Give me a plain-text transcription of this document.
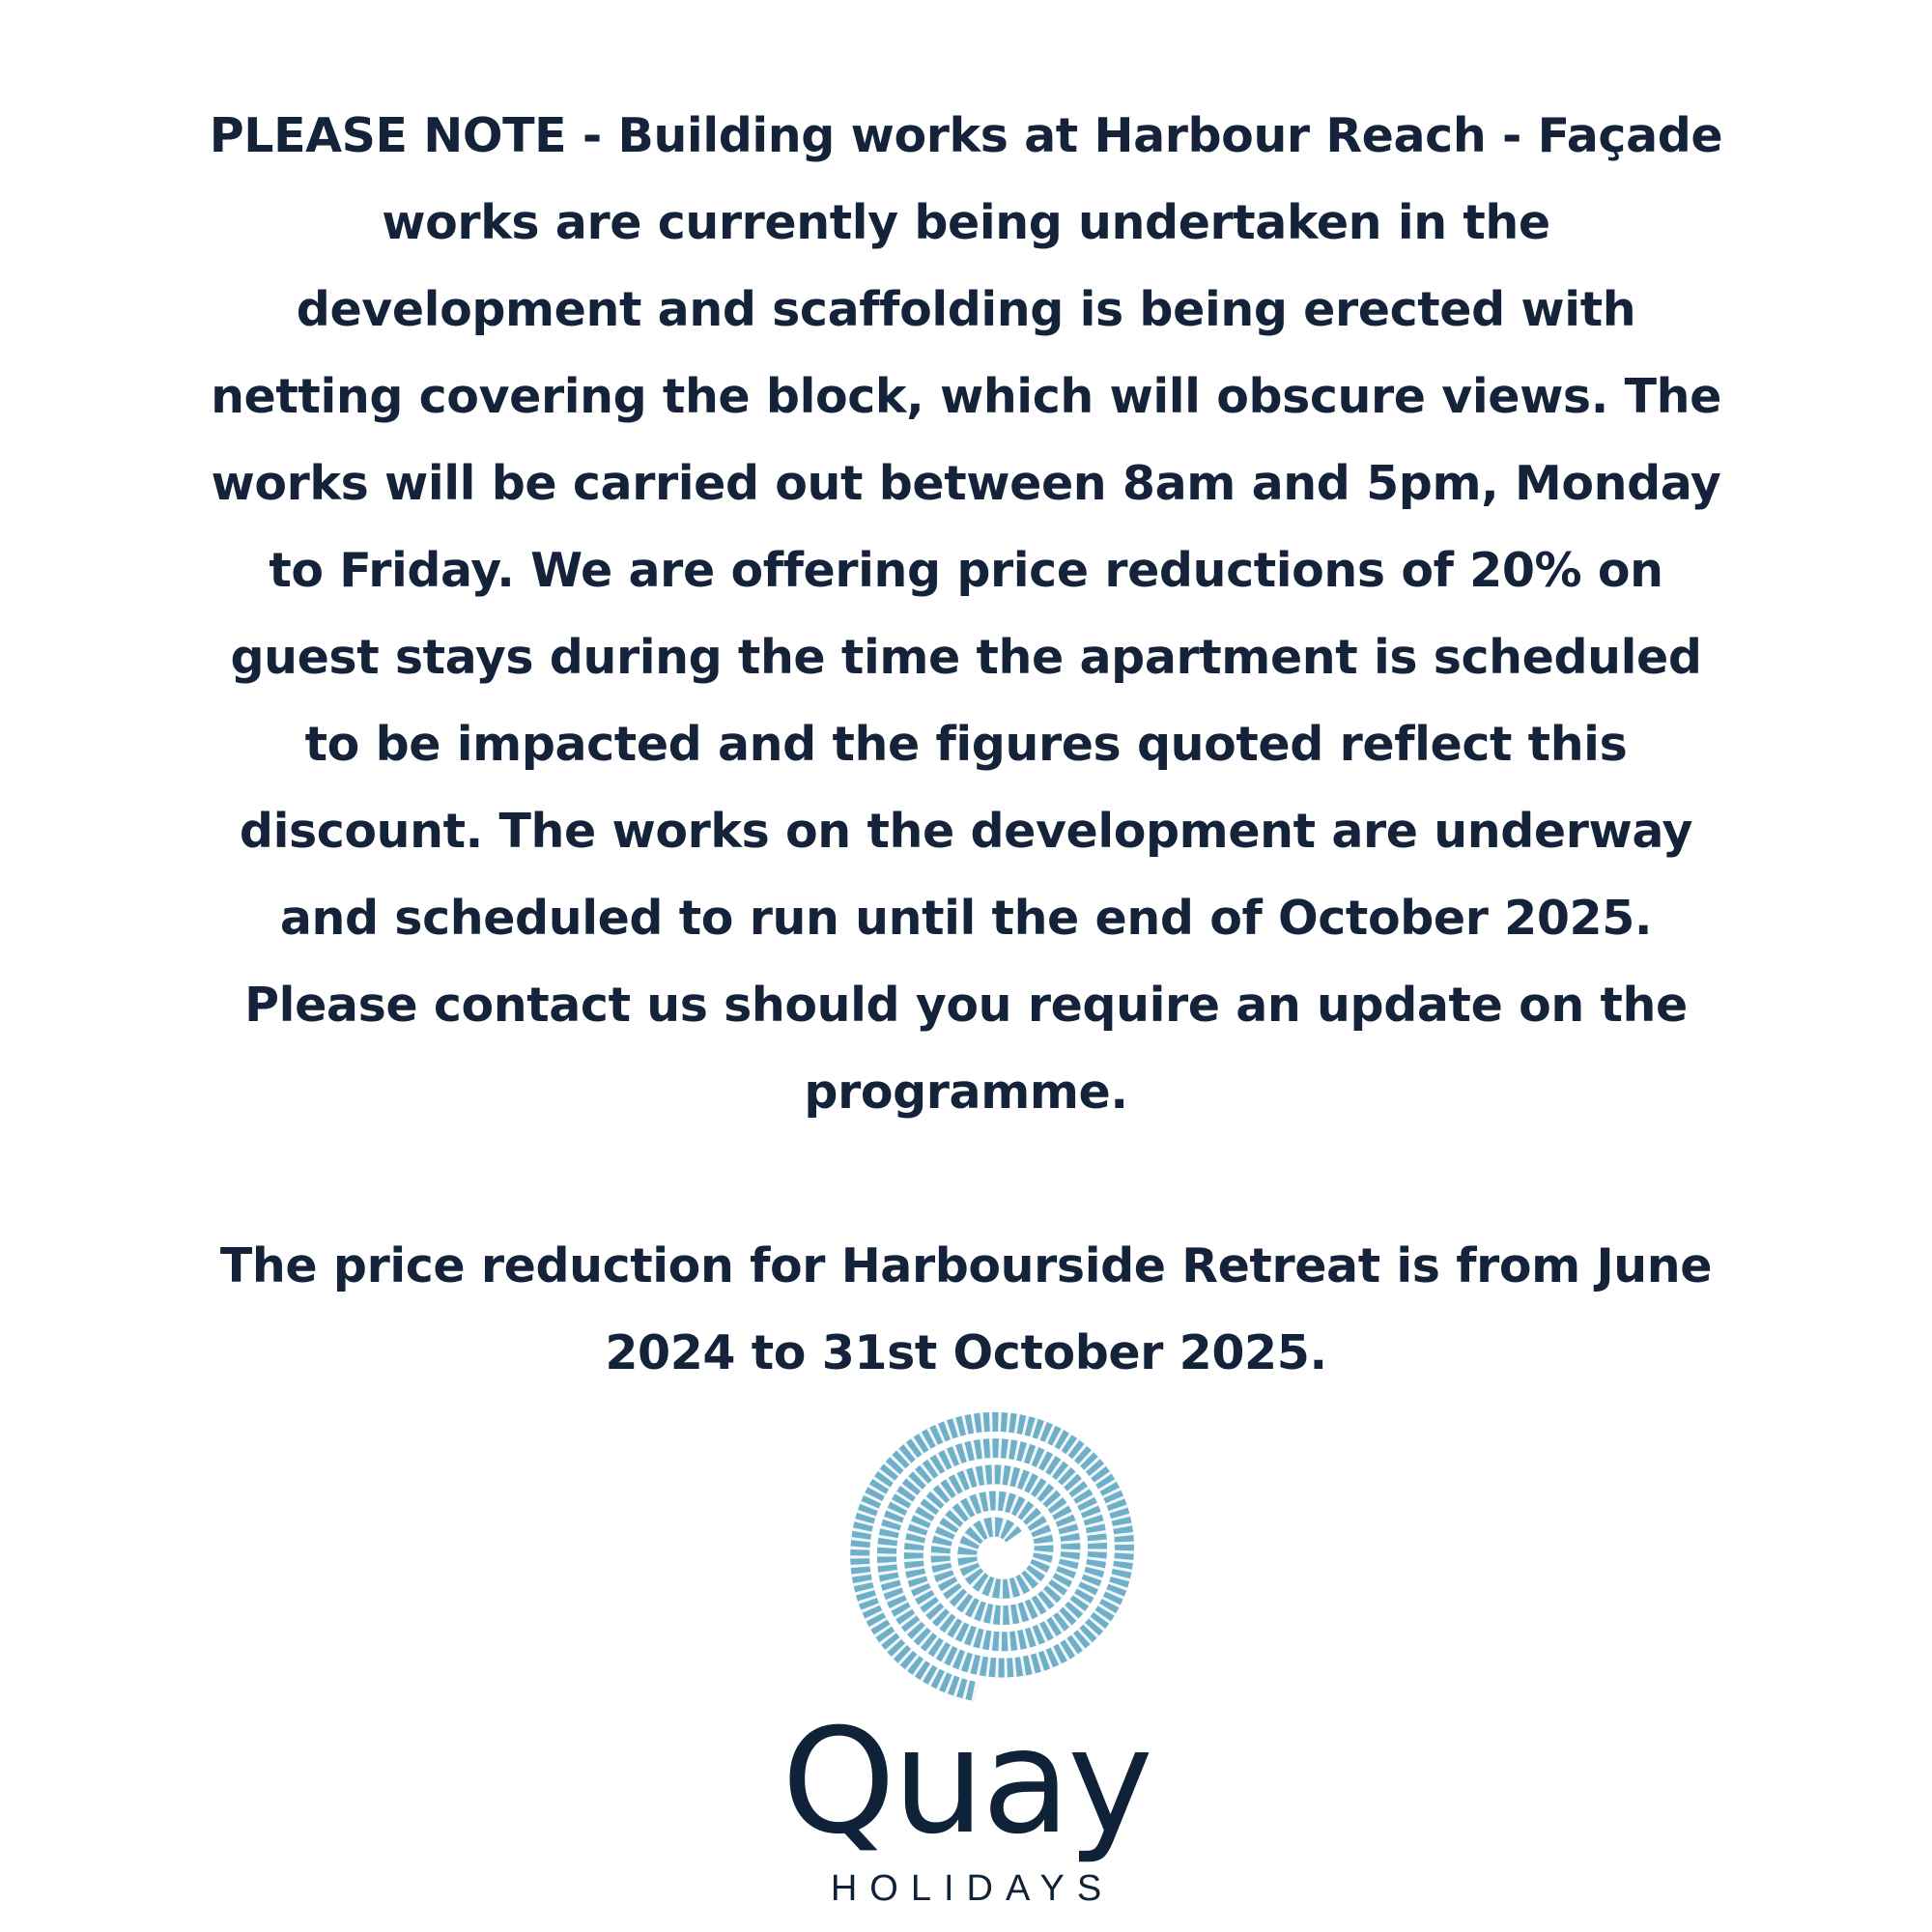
PLEASE NOTE - Building works at Harbour Reach - Façade
works are currently being undertaken in the
development and scaffolding is being erected with
netting covering the block, which will obscure views. The
works will be carried out between 8am and 5pm, Monday
to Friday. We are offering price reductions of 20% on
guest stays during the time the apartment is scheduled
to be impacted and the figures quoted reflect this
discount. The works on the development are underway
and scheduled to run until the end of October 2025.
Please contact us should you require an update on the
programme.

The price reduction for Harbourside Retreat is from June
2024 to 31st October 2025.

Quay
HOLIDAYS
